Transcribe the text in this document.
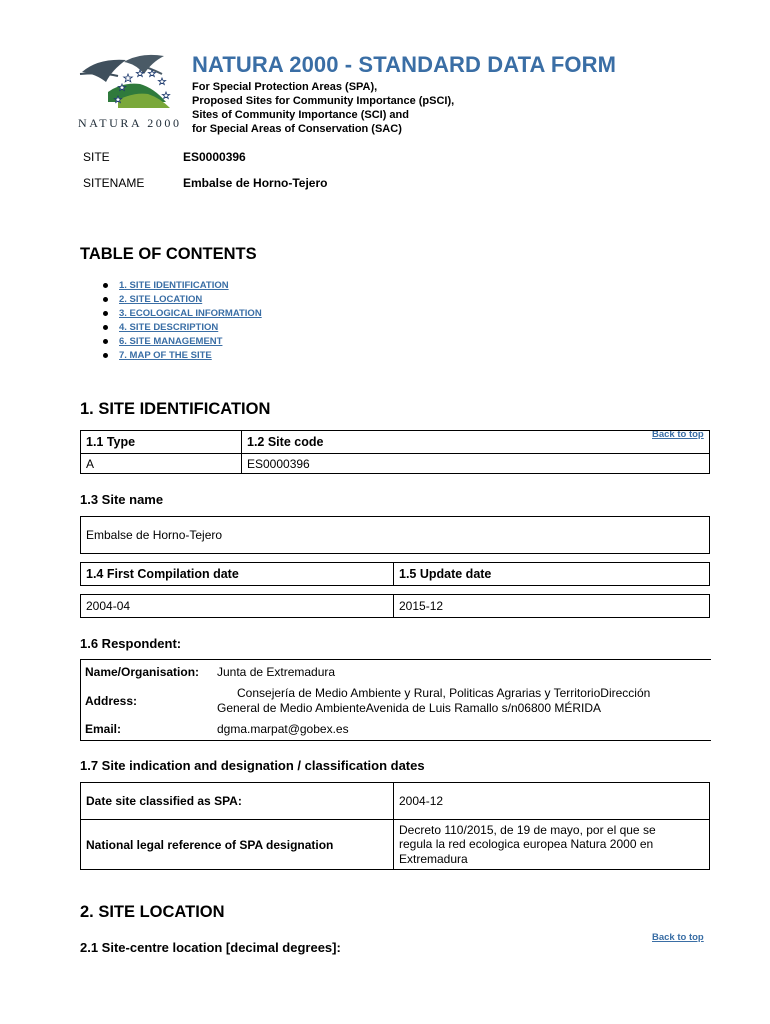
NATURA 2000
NATURA 2000 - STANDARD DATA FORM
For Special Protection Areas (SPA),
Proposed Sites for Community Importance (pSCI),
Sites of Community Importance (SCI) and
for Special Areas of Conservation (SAC)
SITE	ES0000396
SITENAME	Embalse de Horno-Tejero
TABLE OF CONTENTS
1. SITE IDENTIFICATION
2. SITE LOCATION
3. ECOLOGICAL INFORMATION
4. SITE DESCRIPTION
6. SITE MANAGEMENT
7. MAP OF THE SITE
1. SITE IDENTIFICATION
Back to top
1.1 Type	1.2 Site code
A	ES0000396
1.3 Site name
Embalse de Horno-Tejero
1.4 First Compilation date	1.5 Update date
2004-04	2015-12
1.6 Respondent:
Name/Organisation: Junta de Extremadura
Address:
Consejería de Medio Ambiente y Rural, Politicas Agrarias y TerritorioDirección
General de Medio AmbienteAvenida de Luis Ramallo s/n06800 MÉRIDA
Email:	dgma.marpat@gobex.es
1.7 Site indication and designation / classification dates
Date site classified as SPA:	2004-12
National legal reference of SPA designation	Decreto 110/2015, de 19 de mayo, por el que se
regula la red ecologica europea Natura 2000 en
Extremadura
2. SITE LOCATION
Back to top
2.1 Site-centre location [decimal degrees]:
